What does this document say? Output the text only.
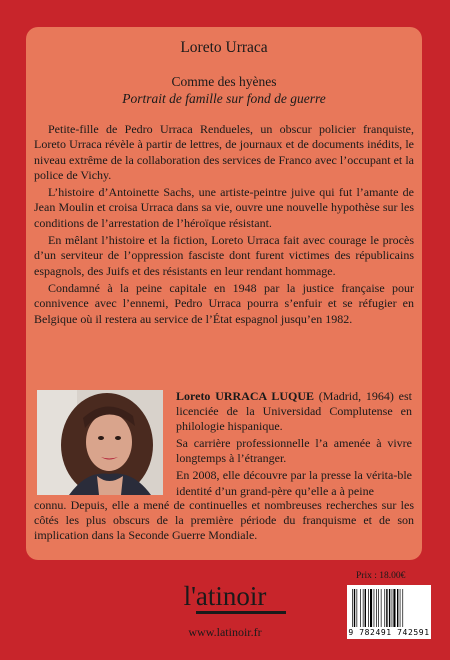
Loreto Urraca
Comme des hyènes
Portrait de famille sur fond de guerre

Petite-fille de Pedro Urraca Rendueles, un obscur policier franquiste, Loreto Urraca révèle à partir de lettres, de journaux et de documents inédits, le niveau extrême de la collaboration des services de Franco avec l’occupant et la police de Vichy.

L’histoire d’Antoinette Sachs, une artiste-peintre juive qui fut l’amante de Jean Moulin et croisa Urraca dans sa vie, ouvre une nouvelle hypothèse sur les conditions de l’arrestation de l’héroïque résistant.

En mêlant l’histoire et la fiction, Loreto Urraca fait avec courage le procès d’un serviteur de l’oppression fasciste dont furent victimes des républicains espagnols, des Juifs et des résistants en leur rendant hommage.

Condamné à la peine capitale en 1948 par la justice française pour connivence avec l’ennemi, Pedro Urraca pourra s’enfuir et se réfugier en Belgique où il restera au service de l’État espagnol jusqu’en 1982.

Loreto URRACA LUQUE (Madrid, 1964) est licenciée de la Universidad Complutense en philologie hispanique.

Sa carrière professionnelle l’a amenée à vivre longtemps à l’étranger.

En 2008, elle découvre par la presse la vérita-ble identité d’un grand-père qu’elle a à peine

connu. Depuis, elle a mené de continuelles et nombreuses recherches sur les côtés les plus obscurs de la première période du franquisme et de son implication dans la Seconde Guerre Mondiale.
l'atinoir
www.latinoir.fr
Prix : 18.00€
9 782491 742591
